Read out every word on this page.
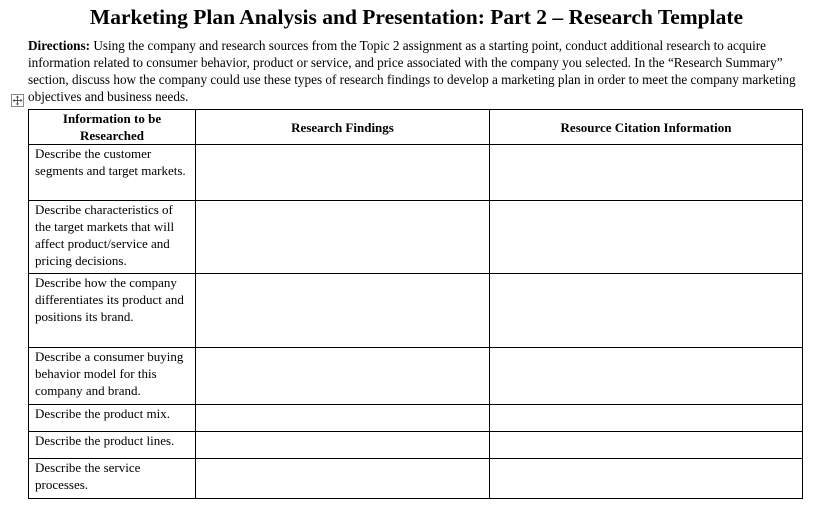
Marketing Plan Analysis and Presentation: Part 2 – Research Template
Directions: Using the company and research sources from the Topic 2 assignment as a starting point, conduct additional research to acquire information related to consumer behavior, product or service, and price associated with the company you selected. In the “Research Summary” section, discuss how the company could use these types of research findings to develop a marketing plan in order to meet the company marketing objectives and business needs.
Information to be Researched	Research Findings	Resource Citation Information
Describe the customer segments and target markets.		
Describe characteristics of the target markets that will affect product/service and pricing decisions.		
Describe how the company differentiates its product and positions its brand.		
Describe a consumer buying behavior model for this company and brand.		
Describe the product mix.		
Describe the product lines.		
Describe the service processes.		
